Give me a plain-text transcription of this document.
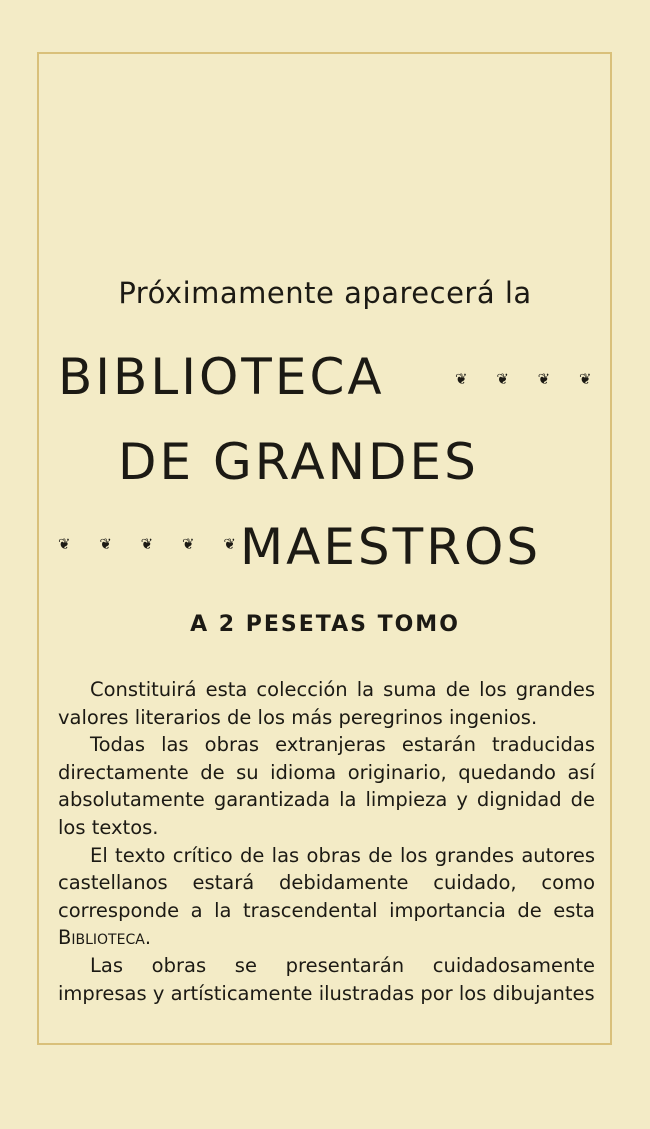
Próximamente aparecerá la
BIBLIOTECA	❦ ❦ ❦ ❦
DE GRANDES
❦ ❦ ❦ ❦ ❦
MAESTROS
A 2 PESETAS TOMO

Constituirá esta colección la suma de los grandes valores literarios de los más peregrinos ingenios.

Todas las obras extranjeras estarán traducidas directamente de su idioma originario, quedando así absolutamente garantizada la limpieza y dignidad de los textos.

El texto crítico de las obras de los grandes autores castellanos estará debidamente cuidado, como corresponde a la trascendental importancia de esta Biblioteca.

Las obras se presentarán cuidadosamente impresas y artísticamente ilustradas por los dibujantes
